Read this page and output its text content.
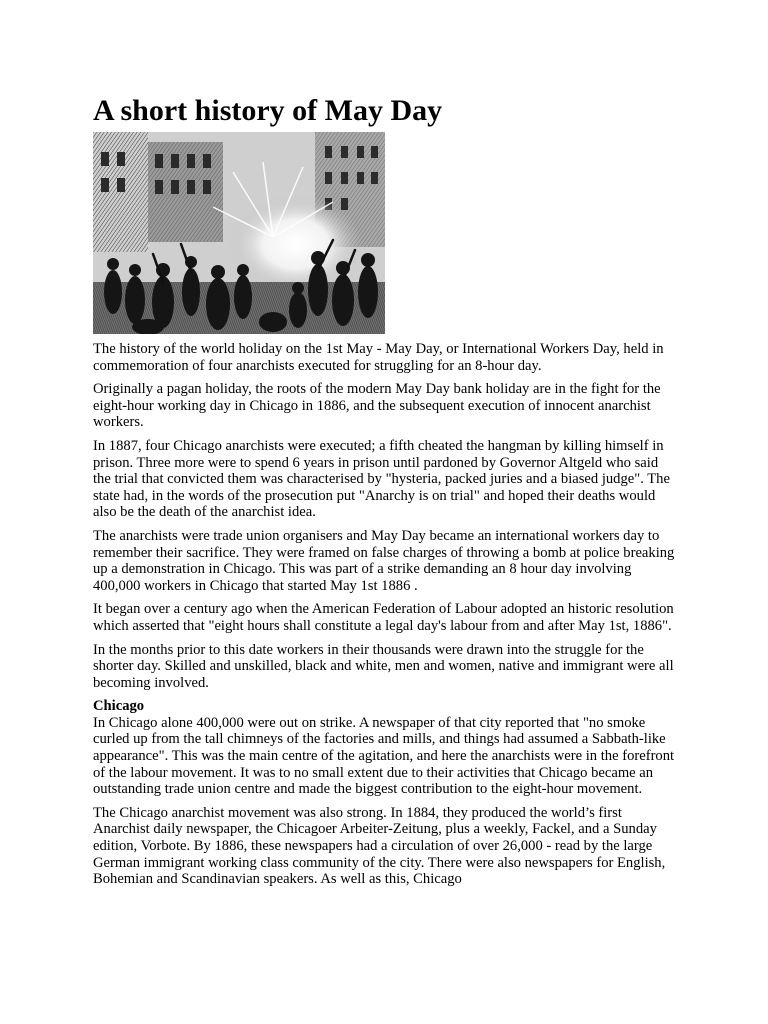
A short history of May Day

The history of the world holiday on the 1st May - May Day, or International Workers Day, held in commemoration of four anarchists executed for struggling for an 8-hour day.

Originally a pagan holiday, the roots of the modern May Day bank holiday are in the fight for the eight-hour working day in Chicago in 1886, and the subsequent execution of innocent anarchist workers.

In 1887, four Chicago anarchists were executed; a fifth cheated the hangman by killing himself in prison. Three more were to spend 6 years in prison until pardoned by Governor Altgeld who said the trial that convicted them was characterised by "hysteria, packed juries and a biased judge". The state had, in the words of the prosecution put "Anarchy is on trial" and hoped their deaths would also be the death of the anarchist idea.

The anarchists were trade union organisers and May Day became an international workers day to remember their sacrifice. They were framed on false charges of throwing a bomb at police breaking up a demonstration in Chicago. This was part of a strike demanding an 8 hour day involving 400,000 workers in Chicago that started May 1st 1886 .

It began over a century ago when the American Federation of Labour adopted an historic resolution which asserted that "eight hours shall constitute a legal day's labour from and after May 1st, 1886".

In the months prior to this date workers in their thousands were drawn into the struggle for the shorter day. Skilled and unskilled, black and white, men and women, native and immigrant were all becoming involved.

Chicago
In Chicago alone 400,000 were out on strike. A newspaper of that city reported that "no smoke curled up from the tall chimneys of the factories and mills, and things had assumed a Sabbath-like appearance". This was the main centre of the agitation, and here the anarchists were in the forefront of the labour movement. It was to no small extent due to their activities that Chicago became an outstanding trade union centre and made the biggest contribution to the eight-hour movement.

The Chicago anarchist movement was also strong. In 1884, they produced the world’s first Anarchist daily newspaper, the Chicagoer Arbeiter-Zeitung, plus a weekly, Fackel, and a Sunday edition, Vorbote. By 1886, these newspapers had a circulation of over 26,000 - read by the large German immigrant working class community of the city. There were also newspapers for English, Bohemian and Scandinavian speakers. As well as this, Chicago
